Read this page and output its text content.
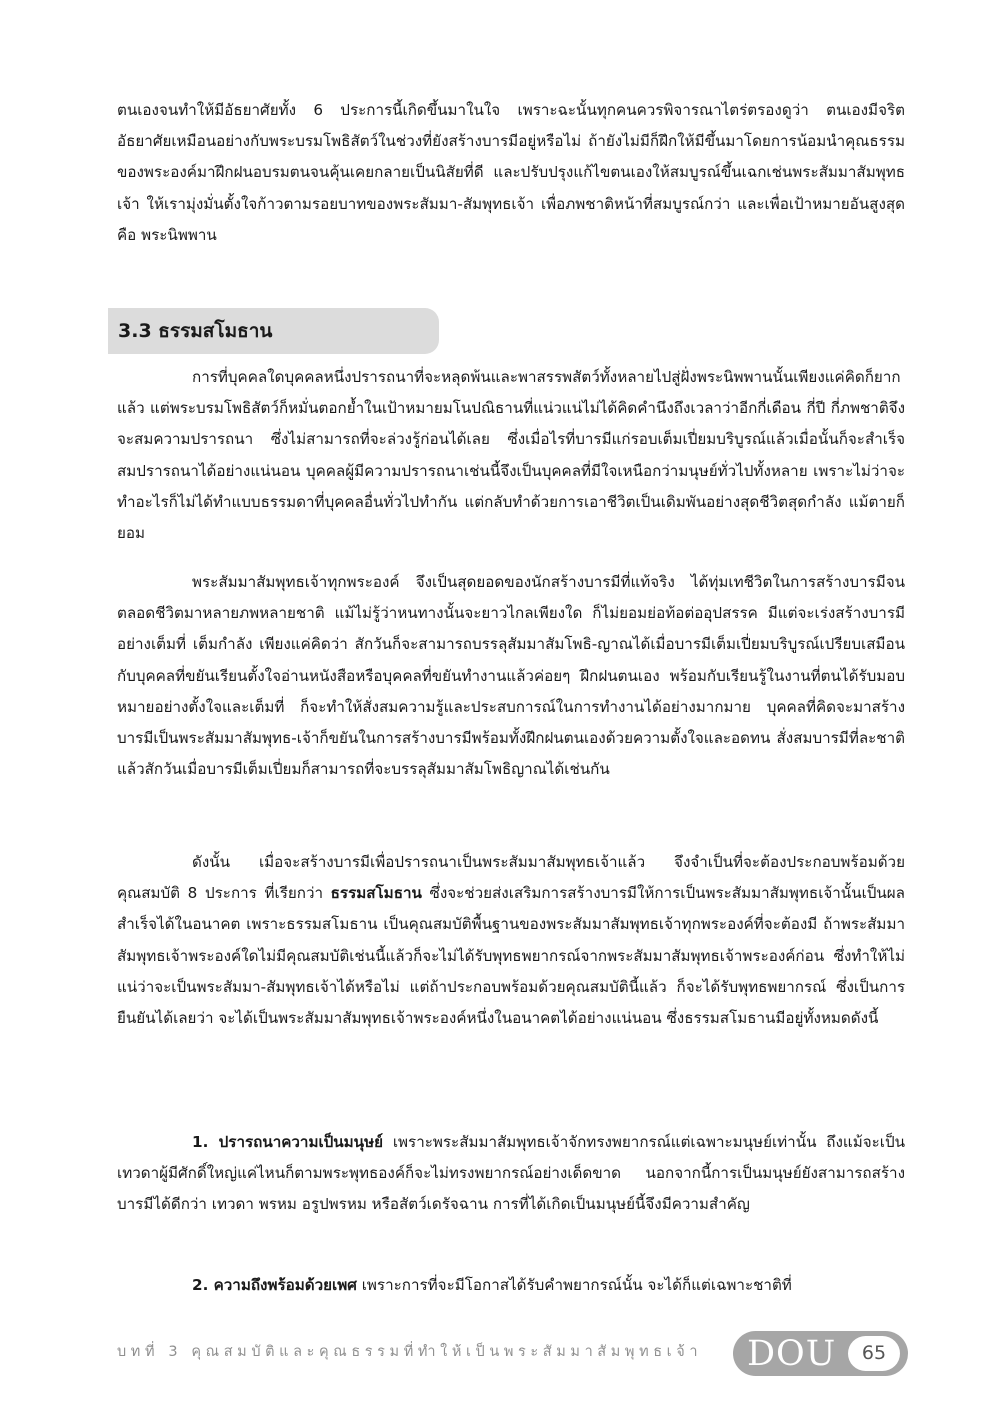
ตนเองจนทำให้มีอัธยาศัยทั้ง 6 ประการนี้เกิดขึ้นมาในใจ เพราะฉะนั้นทุกคนควรพิจารณาไตร่ตรองดูว่า ตนเองมีจริตอัธยาศัยเหมือนอย่างกับพระบรมโพธิสัตว์ในช่วงที่ยังสร้างบารมีอยู่หรือไม่ ถ้ายังไม่มีก็ฝึกให้มีขึ้นมาโดยการน้อมนำคุณธรรมของพระองค์มาฝึกฝนอบรมตนจนคุ้นเคยกลายเป็นนิสัยที่ดี และปรับปรุงแก้ไขตนเองให้สมบูรณ์ขึ้นเฉกเช่นพระสัมมาสัมพุทธเจ้า ให้เรามุ่งมั่นตั้งใจก้าวตามรอยบาทของพระสัมมา-สัมพุทธเจ้า เพื่อภพชาติหน้าที่สมบูรณ์กว่า และเพื่อเป้าหมายอันสูงสุด คือ พระนิพพาน

3.3 ธรรมสโมธาน

การที่บุคคลใดบุคคลหนึ่งปรารถนาที่จะหลุดพ้นและพาสรรพสัตว์ทั้งหลายไปสู่ฝั่งพระนิพพานนั้นเพียงแค่คิดก็ยากแล้ว แต่พระบรมโพธิสัตว์ก็หมั่นตอกย้ำในเป้าหมายมโนปณิธานที่แน่วแน่ไม่ได้คิดคำนึงถึงเวลาว่าอีกกี่เดือน กี่ปี กี่ภพชาติจึงจะสมความปรารถนา ซึ่งไม่สามารถที่จะล่วงรู้ก่อนได้เลย ซึ่งเมื่อไรที่บารมีแก่รอบเต็มเปี่ยมบริบูรณ์แล้วเมื่อนั้นก็จะสำเร็จสมปรารถนาได้อย่างแน่นอน บุคคลผู้มีความปรารถนาเช่นนี้จึงเป็นบุคคลที่มีใจเหนือกว่ามนุษย์ทั่วไปทั้งหลาย เพราะไม่ว่าจะทำอะไรก็ไม่ได้ทำแบบธรรมดาที่บุคคลอื่นทั่วไปทำกัน แต่กลับทำด้วยการเอาชีวิตเป็นเดิมพันอย่างสุดชีวิตสุดกำลัง แม้ตายก็ยอม

พระสัมมาสัมพุทธเจ้าทุกพระองค์ จึงเป็นสุดยอดของนักสร้างบารมีที่แท้จริง ได้ทุ่มเทชีวิตในการสร้างบารมีจนตลอดชีวิตมาหลายภพหลายชาติ แม้ไม่รู้ว่าหนทางนั้นจะยาวไกลเพียงใด ก็ไม่ยอมย่อท้อต่ออุปสรรค มีแต่จะเร่งสร้างบารมีอย่างเต็มที่ เต็มกำลัง เพียงแค่คิดว่า สักวันก็จะสามารถบรรลุสัมมาสัมโพธิ-ญาณได้เมื่อบารมีเต็มเปี่ยมบริบูรณ์เปรียบเสมือนกับบุคคลที่ขยันเรียนตั้งใจอ่านหนังสือหรือบุคคลที่ขยันทำงานแล้วค่อยๆ ฝึกฝนตนเอง พร้อมกับเรียนรู้ในงานที่ตนได้รับมอบหมายอย่างตั้งใจและเต็มที่ ก็จะทำให้สั่งสมความรู้และประสบการณ์ในการทำงานได้อย่างมากมาย บุคคลที่คิดจะมาสร้างบารมีเป็นพระสัมมาสัมพุทธ-เจ้าก็ขยันในการสร้างบารมีพร้อมทั้งฝึกฝนตนเองด้วยความตั้งใจและอดทน สั่งสมบารมีที่ละชาติแล้วสักวันเมื่อบารมีเต็มเปี่ยมก็สามารถที่จะบรรลุสัมมาสัมโพธิญาณได้เช่นกัน

ดังนั้น เมื่อจะสร้างบารมีเพื่อปรารถนาเป็นพระสัมมาสัมพุทธเจ้าแล้ว จึงจำเป็นที่จะต้องประกอบพร้อมด้วยคุณสมบัติ 8 ประการ ที่เรียกว่า ธรรมสโมธาน ซึ่งจะช่วยส่งเสริมการสร้างบารมีให้การเป็นพระสัมมาสัมพุทธเจ้านั้นเป็นผลสำเร็จได้ในอนาคต เพราะธรรมสโมธาน เป็นคุณสมบัติพื้นฐานของพระสัมมาสัมพุทธเจ้าทุกพระองค์ที่จะต้องมี ถ้าพระสัมมาสัมพุทธเจ้าพระองค์ใดไม่มีคุณสมบัติเช่นนี้แล้วก็จะไม่ได้รับพุทธพยากรณ์จากพระสัมมาสัมพุทธเจ้าพระองค์ก่อน ซึ่งทำให้ไม่แน่ว่าจะเป็นพระสัมมา-สัมพุทธเจ้าได้หรือไม่ แต่ถ้าประกอบพร้อมด้วยคุณสมบัตินี้แล้ว ก็จะได้รับพุทธพยากรณ์ ซึ่งเป็นการยืนยันได้เลยว่า จะได้เป็นพระสัมมาสัมพุทธเจ้าพระองค์หนึ่งในอนาคตได้อย่างแน่นอน ซึ่งธรรมสโมธานมีอยู่ทั้งหมดดังนี้

1. ปรารถนาความเป็นมนุษย์ เพราะพระสัมมาสัมพุทธเจ้าจักทรงพยากรณ์แต่เฉพาะมนุษย์เท่านั้น ถึงแม้จะเป็นเทวดาผู้มีศักดิ์ใหญ่แค่ไหนก็ตามพระพุทธองค์ก็จะไม่ทรงพยากรณ์อย่างเด็ดขาด นอกจากนี้การเป็นมนุษย์ยังสามารถสร้างบารมีได้ดีกว่า เทวดา พรหม อรูปพรหม หรือสัตว์เดรัจฉาน การที่ได้เกิดเป็นมนุษย์นี้จึงมีความสำคัญ

2. ความถึงพร้อมด้วยเพศ เพราะการที่จะมีโอกาสได้รับคำพยากรณ์นั้น จะได้ก็แต่เฉพาะชาติที่

บทที่ 3 คุณสมบัติและคุณธรรมที่ทำให้เป็นพระสัมมาสัมพุทธเจ้า	DOU	65
